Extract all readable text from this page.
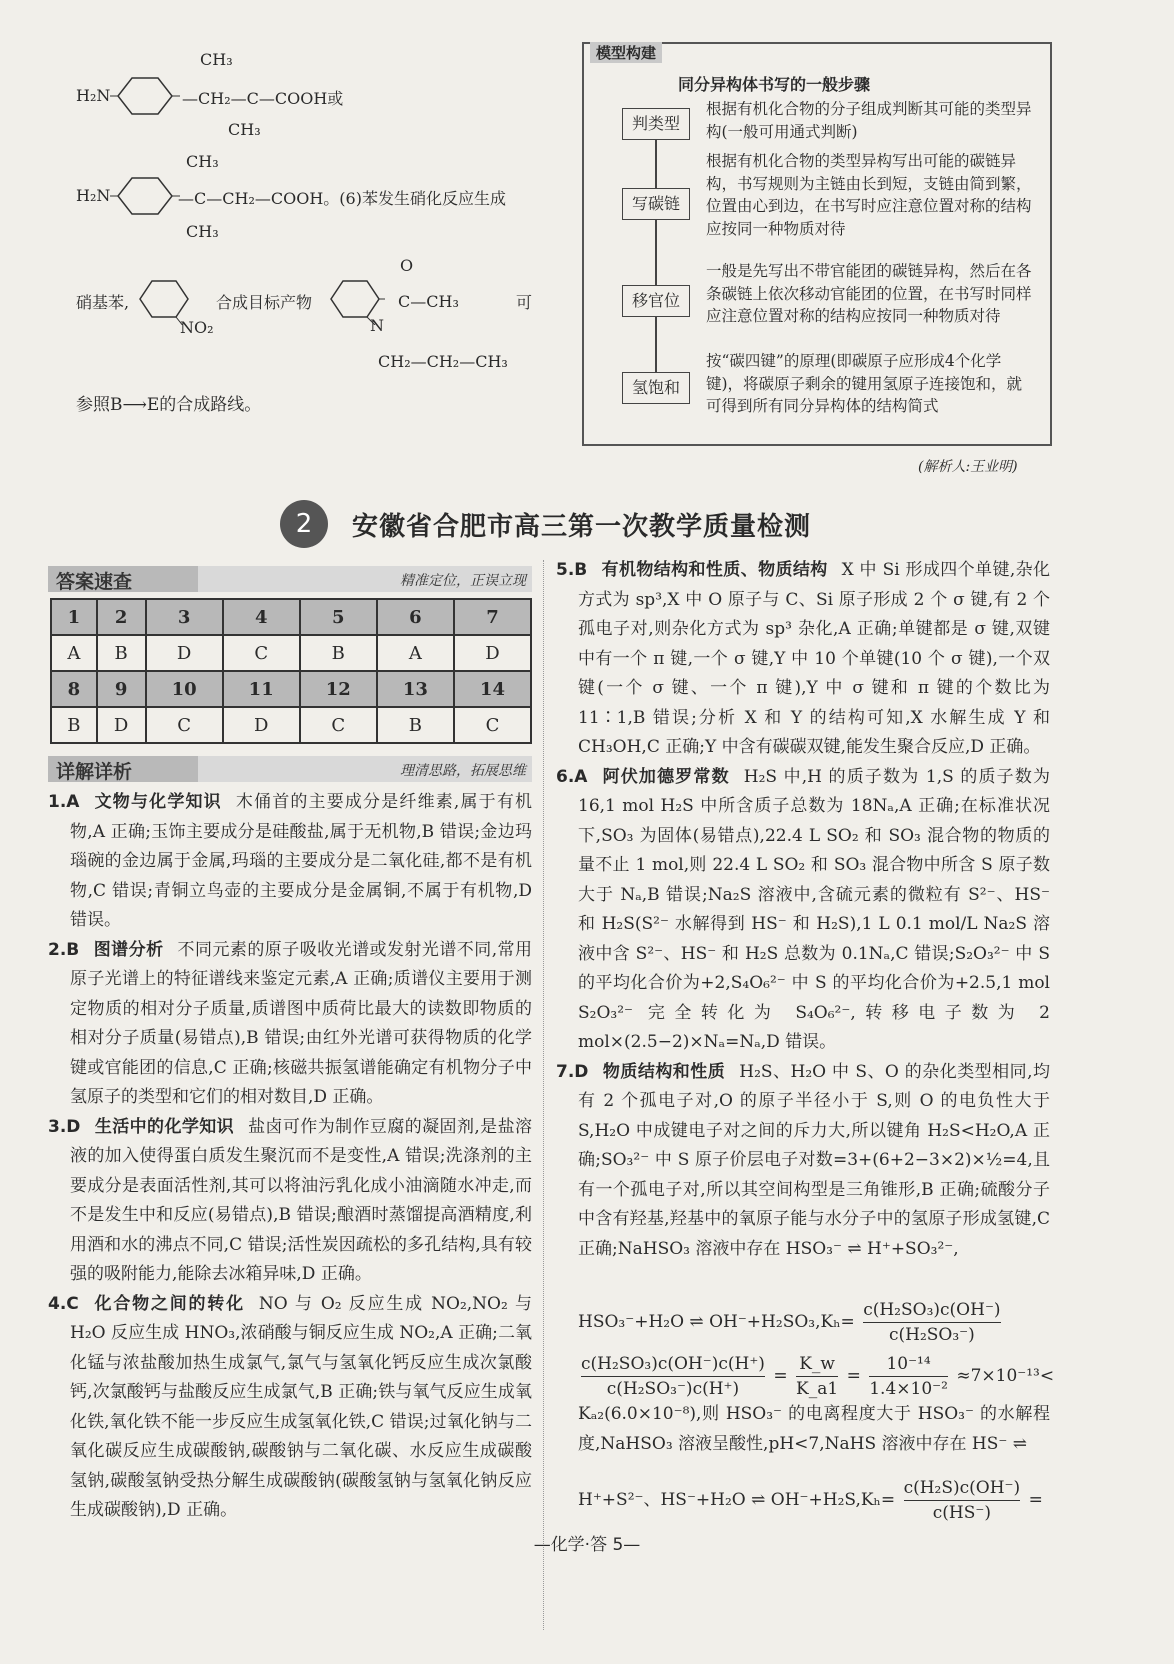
CH₃
H₂N	—CH₂—C—COOH或
CH₃
CH₃
H₂N	—C—CH₂—COOH。(6)苯发生硝化反应生成
CH₃
硝基苯,
NO₂
合成目标产物
O
C—CH₃
N
CH₂—CH₂—CH₃
可
参照B⟶E的合成路线。
模型构建
同分异构体书写的一般步骤
判类型
根据有机化合物的分子组成判断其可能的类型异构(一般可用通式判断)
写碳链
根据有机化合物的类型异构写出可能的碳链异构，书写规则为主链由长到短，支链由简到繁，位置由心到边，在书写时应注意位置对称的结构应按同一种物质对待
移官位
一般是先写出不带官能团的碳链异构，然后在各条碳链上依次移动官能团的位置，在书写时同样应注意位置对称的结构应按同一种物质对待
氢饱和
按“碳四键”的原理(即碳原子应形成4个化学键)，将碳原子剩余的键用氢原子连接饱和，就可得到所有同分异构体的结构简式
(解析人:王业明)
2	安徽省合肥市高三第一次教学质量检测
答案速查	精准定位，正误立现
1	2	3	4	5	6	7
A	B	D	C	B	A	D
8	9	10	11	12	13	14
B	D	C	D	C	B	C
详解详析	理清思路，拓展思维

1.A 文物与化学知识 木俑首的主要成分是纤维素,属于有机物,A 正确;玉饰主要成分是硅酸盐,属于无机物,B 错误;金边玛瑙碗的金边属于金属,玛瑙的主要成分是二氧化硅,都不是有机物,C 错误;青铜立鸟壶的主要成分是金属铜,不属于有机物,D 错误。

2.B 图谱分析 不同元素的原子吸收光谱或发射光谱不同,常用原子光谱上的特征谱线来鉴定元素,A 正确;质谱仪主要用于测定物质的相对分子质量,质谱图中质荷比最大的读数即物质的相对分子质量(易错点),B 错误;由红外光谱可获得物质的化学键或官能团的信息,C 正确;核磁共振氢谱能确定有机物分子中氢原子的类型和它们的相对数目,D 正确。

3.D 生活中的化学知识 盐卤可作为制作豆腐的凝固剂,是盐溶液的加入使得蛋白质发生聚沉而不是变性,A 错误;洗涤剂的主要成分是表面活性剂,其可以将油污乳化成小油滴随水冲走,而不是发生中和反应(易错点),B 错误;酿酒时蒸馏提高酒精度,利用酒和水的沸点不同,C 错误;活性炭因疏松的多孔结构,具有较强的吸附能力,能除去冰箱异味,D 正确。

4.C 化合物之间的转化 NO 与 O₂ 反应生成 NO₂,NO₂ 与 H₂O 反应生成 HNO₃,浓硝酸与铜反应生成 NO₂,A 正确;二氧化锰与浓盐酸加热生成氯气,氯气与氢氧化钙反应生成次氯酸钙,次氯酸钙与盐酸反应生成氯气,B 正确;铁与氧气反应生成氧化铁,氧化铁不能一步反应生成氢氧化铁,C 错误;过氧化钠与二氧化碳反应生成碳酸钠,碳酸钠与二氧化碳、水反应生成碳酸氢钠,碳酸氢钠受热分解生成碳酸钠(碳酸氢钠与氢氧化钠反应生成碳酸钠),D 正确。

5.B 有机物结构和性质、物质结构 X 中 Si 形成四个单键,杂化方式为 sp³,X 中 O 原子与 C、Si 原子形成 2 个 σ 键,有 2 个孤电子对,则杂化方式为 sp³ 杂化,A 正确;单键都是 σ 键,双键中有一个 π 键,一个 σ 键,Y 中 10 个单键(10 个 σ 键),一个双键(一个 σ 键、一个 π 键),Y 中 σ 键和 π 键的个数比为 11∶1,B 错误;分析 X 和 Y 的结构可知,X 水解生成 Y 和 CH₃OH,C 正确;Y 中含有碳碳双键,能发生聚合反应,D 正确。

6.A 阿伏加德罗常数 H₂S 中,H 的质子数为 1,S 的质子数为 16,1 mol H₂S 中所含质子总数为 18Nₐ,A 正确;在标准状况下,SO₃ 为固体(易错点),22.4 L SO₂ 和 SO₃ 混合物的物质的量不止 1 mol,则 22.4 L SO₂ 和 SO₃ 混合物中所含 S 原子数大于 Nₐ,B 错误;Na₂S 溶液中,含硫元素的微粒有 S²⁻、HS⁻ 和 H₂S(S²⁻ 水解得到 HS⁻ 和 H₂S),1 L 0.1 mol/L Na₂S 溶液中含 S²⁻、HS⁻ 和 H₂S 总数为 0.1Nₐ,C 错误;S₂O₃²⁻ 中 S 的平均化合价为+2,S₄O₆²⁻ 中 S 的平均化合价为+2.5,1 mol S₂O₃²⁻ 完全转化为 S₄O₆²⁻,转移电子数为 2 mol×(2.5−2)×Nₐ=Nₐ,D 错误。

7.D 物质结构和性质 H₂S、H₂O 中 S、O 的杂化类型相同,均有 2 个孤电子对,O 的原子半径小于 S,则 O 的电负性大于 S,H₂O 中成键电子对之间的斥力大,所以键角 H₂S<H₂O,A 正确;SO₃²⁻ 中 S 原子价层电子对数=3+(6+2−3×2)×½=4,且有一个孤电子对,所以其空间构型是三角锥形,B 正确;硫酸分子中含有羟基,羟基中的氧原子能与水分子中的氢原子形成氢键,C 正确;NaHSO₃ 溶液中存在 HSO₃⁻ ⇌ H⁺+SO₃²⁻,

HSO₃⁻+H₂O ⇌ $OH^-+H_2SO_3,K_h= \frac{\text{c(H₂SO₃)c(OH⁻)}}{\text{c(H₂SO₃⁻)}}$
$\frac{\text{c(H₂SO₃)c(OH⁻)c(H⁺)}}{\text{c(H₂SO₃⁻)c(H⁺)}} = \frac{K\_w}{K\_a1} = \frac{\text{10⁻¹⁴}}{\text{1.4×10⁻²}} \approx 7\times 10^{-13}<$
Kₐ₂(6.0×10⁻⁸),则 HSO₃⁻ 的电离程度大于 HSO₃⁻ 的水解程度,NaHSO₃ 溶液呈酸性,pH<7,NaHS 溶液中存在 HS⁻ ⇌
H⁺+S²⁻、HS⁻+H₂O ⇌ $OH^-+H_2S,K_h= \frac{\text{c(H₂S)c(OH⁻)}}{c(HS^-)}$ =
—化学·答 5—
